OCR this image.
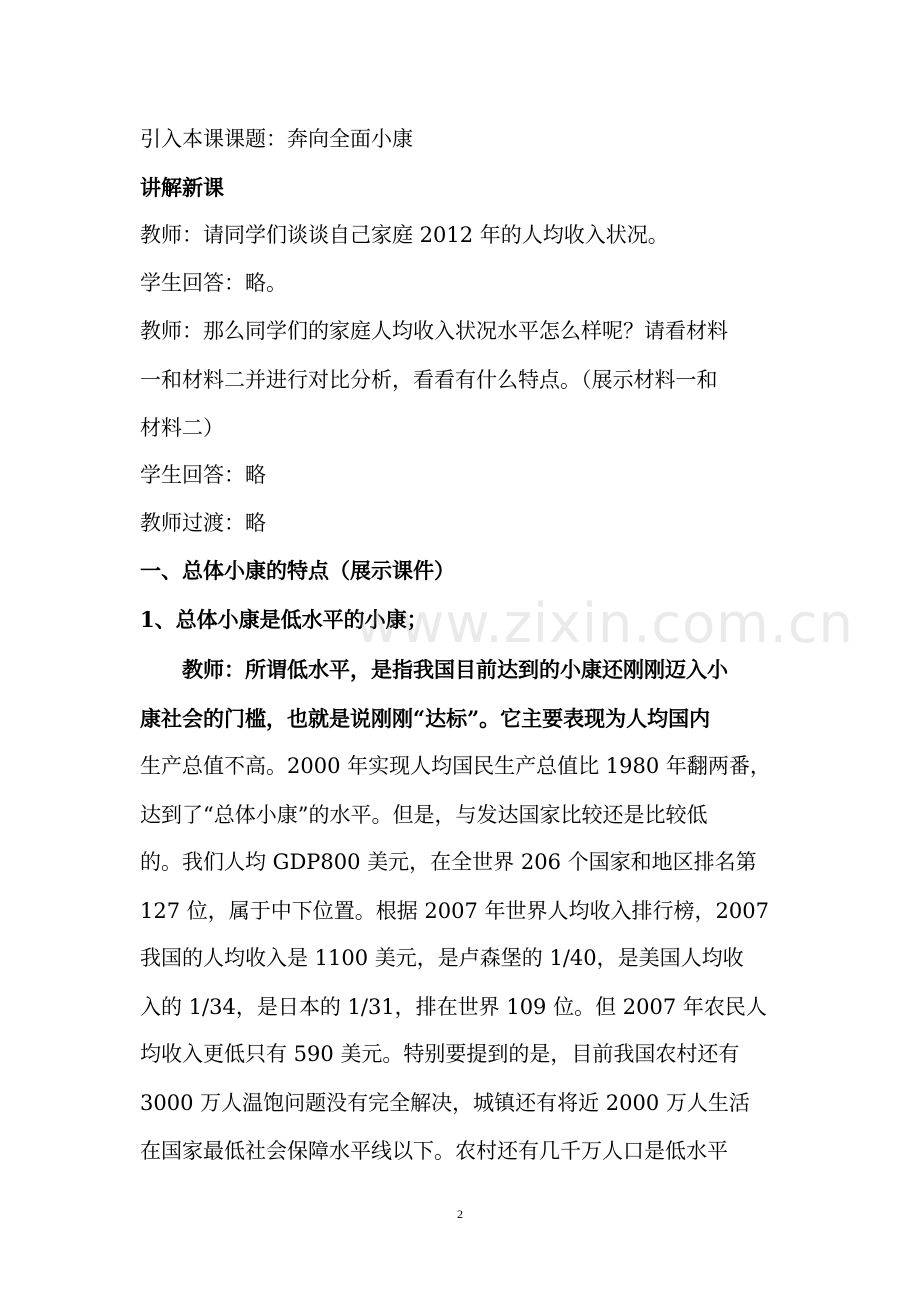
引入本课课题：奔向全面小康
讲解新课
教师：请同学们谈谈自己家庭 2012 年的人均收入状况。
学生回答：略。
教师：那么同学们的家庭人均收入状况水平怎么样呢？请看材料
一和材料二并进行对比分析，看看有什么特点。（展示材料一和
材料二）
学生回答：略
教师过渡：略
一、总体小康的特点（展示课件）
1、总体小康是低水平的小康；
　　教师：所谓低水平，是指我国目前达到的小康还刚刚迈入小
康社会的门槛，也就是说刚刚“达标”。它主要表现为人均国内
生产总值不高。2000 年实现人均国民生产总值比 1980 年翻两番，
达到了“总体小康”的水平。但是，与发达国家比较还是比较低
的。我们人均 GDP800 美元，在全世界 206 个国家和地区排名第
127 位，属于中下位置。根据 2007 年世界人均收入排行榜，2007
我国的人均收入是 1100 美元，是卢森堡的 1/40，是美国人均收
入的 1/34，是日本的 1/31，排在世界 109 位。但 2007 年农民人
均收入更低只有 590 美元。特别要提到的是，目前我国农村还有
3000 万人温饱问题没有完全解决，城镇还有将近 2000 万人生活
在国家最低社会保障水平线以下。农村还有几千万人口是低水平
www.zixin.com.cn
2
